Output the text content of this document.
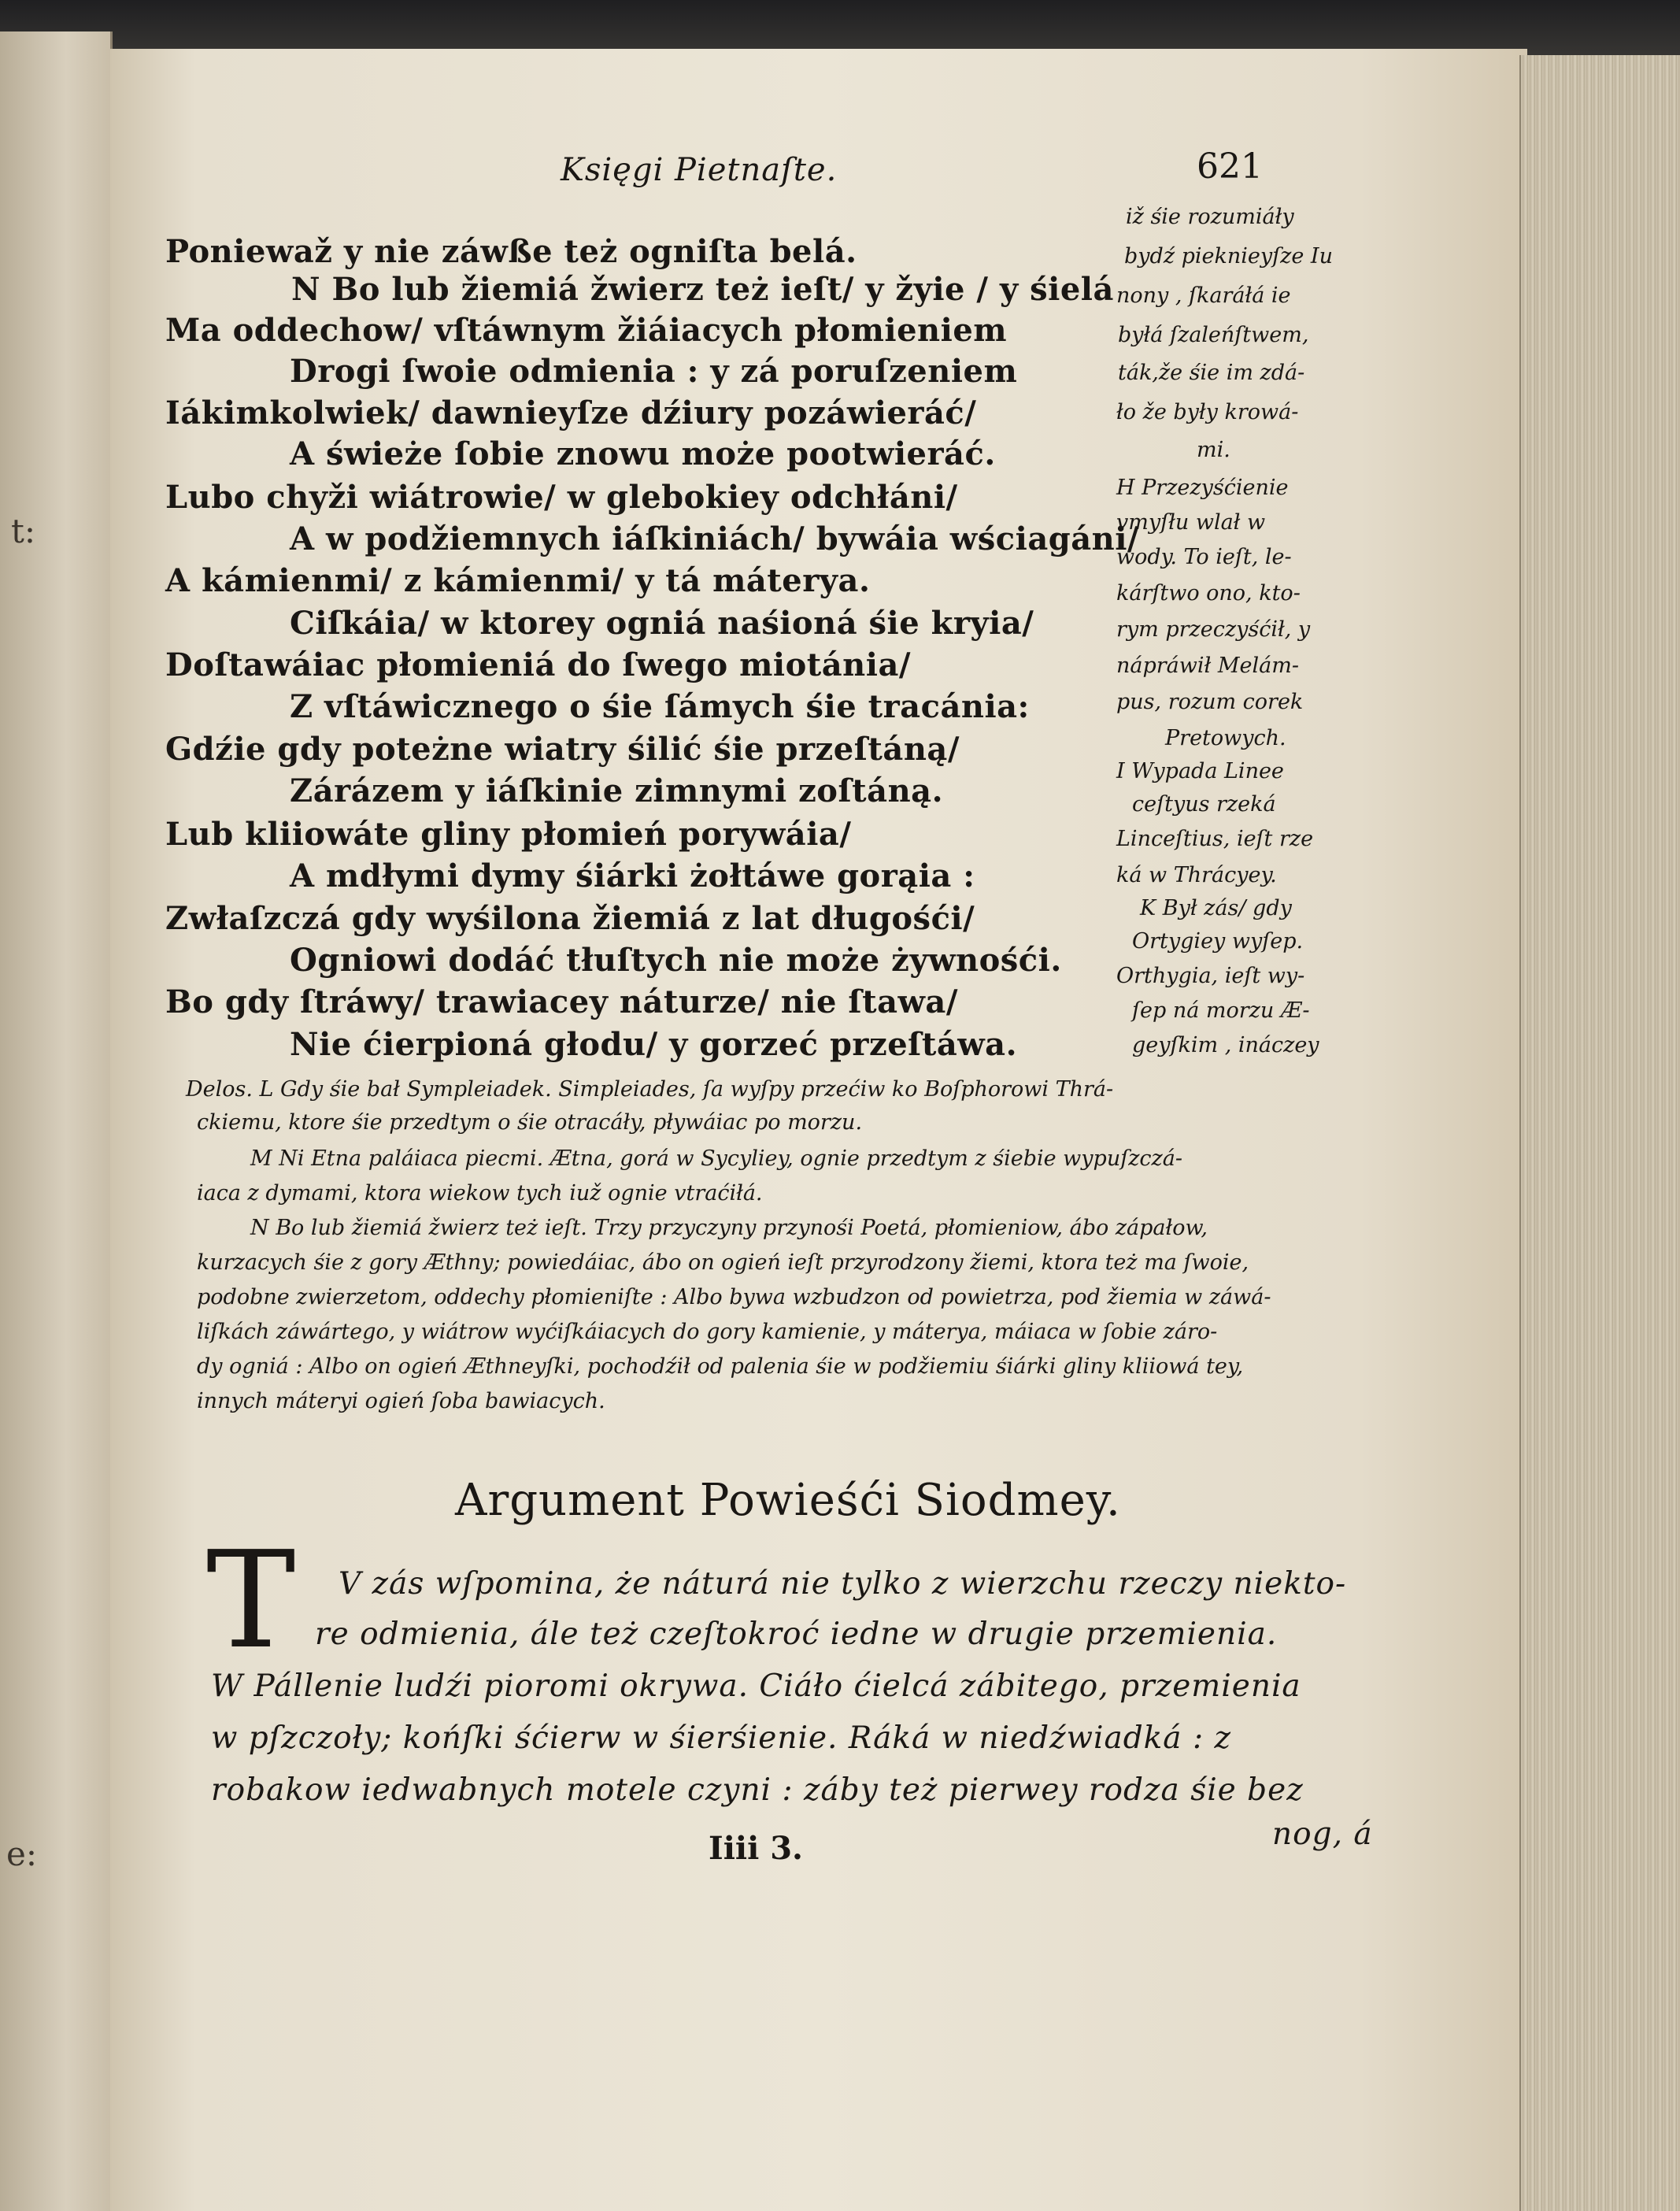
t:
e:
Księgi Pietnaſte.	621
Poniewaž y nie záwße też ogniſta belá.
N Bo lub žiemiá žwierz też ieſt/ y žyie / y śielá
Ma oddechow/ vſtáwnym žiáiacych płomieniem
Drogi ſwoie odmienia : y zá poruſzeniem
Iákimkolwiek/ dawnieyſze dźiury pozáwieráć/
A świeże ſobie znowu może pootwieráć.
Lubo chyži wiátrowie/ w glebokiey odchłáni/
A w podžiemnych iáſkiniách/ bywáia wściagáni/
A kámienmi/ z kámienmi/ y tá máterya.
Ciſkáia/ w ktorey ogniá naśioná śie kryia/
Doſtawáiac płomieniá do ſwego miotánia/
Z vſtáwicznego o śie ſámych śie tracánia:
Gdźie gdy poteżne wiatry śilić śie przeſtáną/
Zárázem y iáſkinie zimnymi zoſtáną.
Lub kliiowáte gliny płomień porywáia/
A mdłymi dymy śiárki żołtáwe gorąia :
Zwłaſzczá gdy wyśilona žiemiá z lat długośći/
Ogniowi dodáć tłuſtych nie może żywnośći.
Bo gdy ſtráwy/ trawiacey náturze/ nie ſtawa/
Nie ćierpioná głodu/ y gorzeć przeſtáwa.
iž śie rozumiáły
bydź pieknieyſze Iu
nony , ſkaráłá ie
byłá ſzaleńſtwem,
ták,že śie im zdá-
ło že były krowá-
mi.
H Przezyśćienie
vmyſłu wlał w
wody. To ieſt, le-
kárſtwo ono, kto-
rym przeczyśćił, y
nápráwił Melám-
pus, rozum corek
Pretowych.
I Wypada Linee
ceſtyus rzeká
Linceſtius, ieſt rze
ká w Thrácyey.
K Był zás/ gdy
Ortygiey wyſep.
Orthygia, ieſt wy-
ſep ná morzu Æ-
geyſkim , ináczey
Delos. L Gdy śie bał Sympleiadek. Simpleiades, ſa wyſpy przećiw ko Boſphorowi Thrá-
ckiemu, ktore śie przedtym o śie otracáły, pływáiac po morzu.
M Ni Etna paláiaca piecmi. Ætna, gorá w Sycyliey, ognie przedtym z śiebie wypuſzczá-
iaca z dymami, ktora wiekow tych iuž ognie vtraćiłá.
N Bo lub žiemiá žwierz też ieſt. Trzy przyczyny przynośi Poetá, płomieniow, ábo zápałow,
kurzacych śie z gory Æthny; powiedáiac, ábo on ogień ieſt przyrodzony žiemi, ktora też ma ſwoie,
podobne zwierzetom, oddechy płomieniſte : Albo bywa wzbudzon od powietrza, pod žiemia w záwá-
liſkách záwártego, y wiátrow wyćiſkáiacych do gory kamienie, y máterya, máiaca w ſobie záro-
dy ogniá : Albo on ogień Æthneyſki, pochodźił od palenia śie w podžiemiu śiárki gliny kliiowá tey,
innych máteryi ogień ſoba bawiacych.
Argument Powieśći Siodmey.
T V zás wſpomina, że náturá nie tylko z wierzchu rzeczy niekto-
re odmienia, ále też czeſtokroć iedne w drugie przemienia.
W Pállenie ludźi pioromi okrywa. Ciáło ćielcá zábitego, przemienia
w pſzczoły; końſki śćierw w śierśienie. Ráká w niedźwiadká : z
robakow iedwabnych motele czyni : záby też pierwey rodza śie bez
Iiii 3.	nog, á
